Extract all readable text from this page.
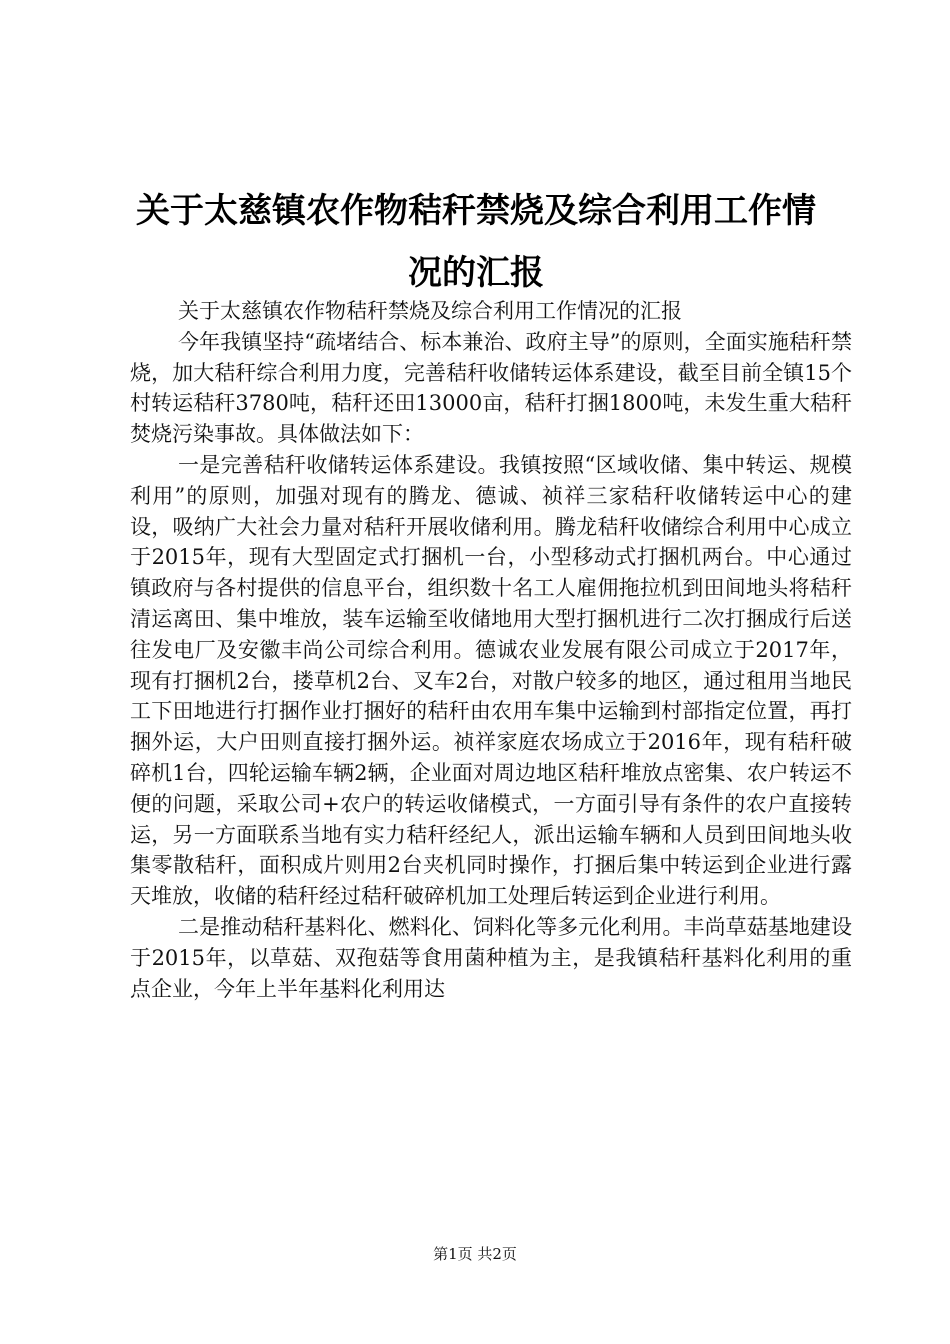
关于太慈镇农作物秸秆禁烧及综合利用工作情况的汇报

关于太慈镇农作物秸秆禁烧及综合利用工作情况的汇报

今年我镇坚持“疏堵结合、标本兼治、政府主导”的原则，全面实施秸秆禁烧，加大秸秆综合利用力度，完善秸秆收储转运体系建设，截至目前全镇15个村转运秸秆3780吨，秸秆还田13000亩，秸秆打捆1800吨，未发生重大秸秆焚烧污染事故。具体做法如下：

一是完善秸秆收储转运体系建设。我镇按照“区域收储、集中转运、规模利用”的原则，加强对现有的腾龙、德诚、祯祥三家秸秆收储转运中心的建设，吸纳广大社会力量对秸秆开展收储利用。腾龙秸秆收储综合利用中心成立于2015年，现有大型固定式打捆机一台，小型移动式打捆机两台。中心通过镇政府与各村提供的信息平台，组织数十名工人雇佣拖拉机到田间地头将秸秆清运离田、集中堆放，装车运输至收储地用大型打捆机进行二次打捆成行后送往发电厂及安徽丰尚公司综合利用。德诚农业发展有限公司成立于2017年，现有打捆机2台，搂草机2台、叉车2台，对散户较多的地区，通过租用当地民工下田地进行打捆作业打捆好的秸秆由农用车集中运输到村部指定位置，再打捆外运，大户田则直接打捆外运。祯祥家庭农场成立于2016年，现有秸秆破碎机1台，四轮运输车辆2辆，企业面对周边地区秸秆堆放点密集、农户转运不便的问题，采取公司+农户的转运收储模式，一方面引导有条件的农户直接转运，另一方面联系当地有实力秸秆经纪人，派出运输车辆和人员到田间地头收集零散秸秆，面积成片则用2台夹机同时操作，打捆后集中转运到企业进行露天堆放，收储的秸秆经过秸秆破碎机加工处理后转运到企业进行利用。

二是推动秸秆基料化、燃料化、饲料化等多元化利用。丰尚草菇基地建设于2015年，以草菇、双孢菇等食用菌种植为主，是我镇秸秆基料化利用的重点企业，今年上半年基料化利用达

第1页 共2页
